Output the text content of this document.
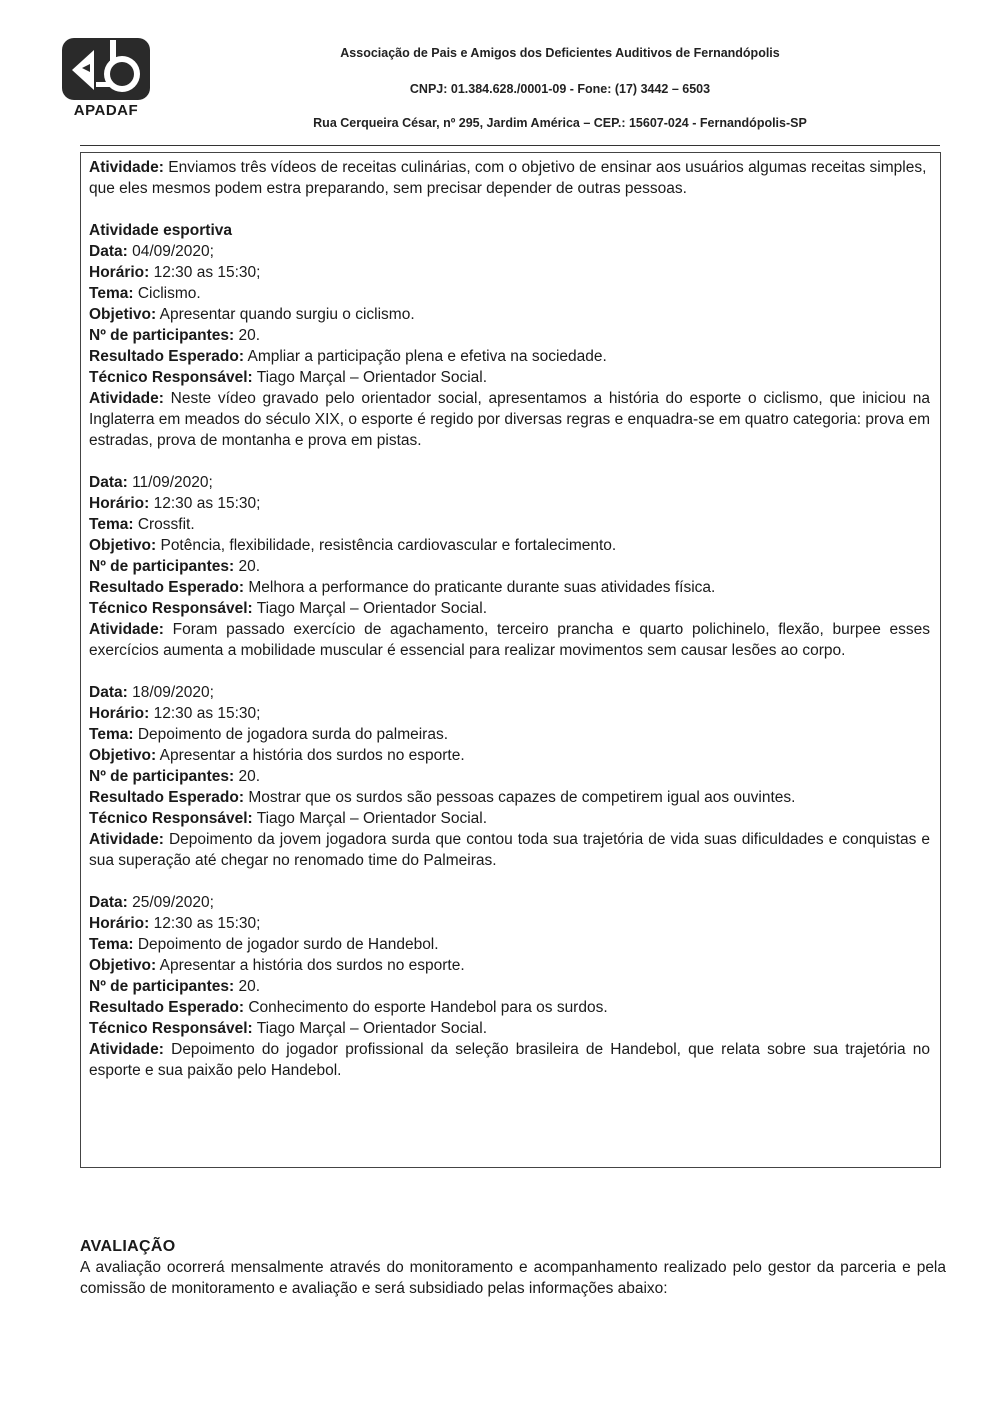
APADAF
Associação de Pais e Amigos dos Deficientes Auditivos de Fernandópolis
CNPJ: 01.384.628./0001-09 - Fone: (17) 3442 – 6503
Rua Cerqueira César, nº 295, Jardim América – CEP.: 15607-024 - Fernandópolis-SP

Atividade: Enviamos três vídeos de receitas culinárias, com o objetivo de ensinar aos usuários algumas receitas simples, que eles mesmos podem estra preparando, sem precisar depender de outras pessoas.

Atividade esportiva

Data: 04/09/2020;

Horário: 12:30 as 15:30;

Tema: Ciclismo.

Objetivo: Apresentar quando surgiu o ciclismo.

Nº de participantes: 20.

Resultado Esperado: Ampliar a participação plena e efetiva na sociedade.

Técnico Responsável: Tiago Marçal – Orientador Social.

Atividade: Neste vídeo gravado pelo orientador social, apresentamos a história do esporte o ciclismo, que iniciou na Inglaterra em meados do século XIX, o esporte é regido por diversas regras e enquadra-se em quatro categoria: prova em estradas, prova de montanha e prova em pistas.

Data: 11/09/2020;

Horário: 12:30 as 15:30;

Tema: Crossfit.

Objetivo: Potência, flexibilidade, resistência cardiovascular e fortalecimento.

Nº de participantes: 20.

Resultado Esperado: Melhora a performance do praticante durante suas atividades física.

Técnico Responsável: Tiago Marçal – Orientador Social.

Atividade: Foram passado exercício de agachamento, terceiro prancha e quarto polichinelo, flexão, burpee esses exercícios aumenta a mobilidade muscular é essencial para realizar movimentos sem causar lesões ao corpo.

Data: 18/09/2020;

Horário: 12:30 as 15:30;

Tema: Depoimento de jogadora surda do palmeiras.

Objetivo: Apresentar a história dos surdos no esporte.

Nº de participantes: 20.

Resultado Esperado: Mostrar que os surdos são pessoas capazes de competirem igual aos ouvintes.

Técnico Responsável: Tiago Marçal – Orientador Social.

Atividade: Depoimento da jovem jogadora surda que contou toda sua trajetória de vida suas dificuldades e conquistas e sua superação até chegar no renomado time do Palmeiras.

Data: 25/09/2020;

Horário: 12:30 as 15:30;

Tema: Depoimento de jogador surdo de Handebol.

Objetivo: Apresentar a história dos surdos no esporte.

Nº de participantes: 20.

Resultado Esperado: Conhecimento do esporte Handebol para os surdos.

Técnico Responsável: Tiago Marçal – Orientador Social.

Atividade: Depoimento do jogador profissional da seleção brasileira de Handebol, que relata sobre sua trajetória no esporte e sua paixão pelo Handebol.

AVALIAÇÃO
A avaliação ocorrerá mensalmente através do monitoramento e acompanhamento realizado pelo gestor da parceria e pela comissão de monitoramento e avaliação e será subsidiado pelas informações abaixo:
